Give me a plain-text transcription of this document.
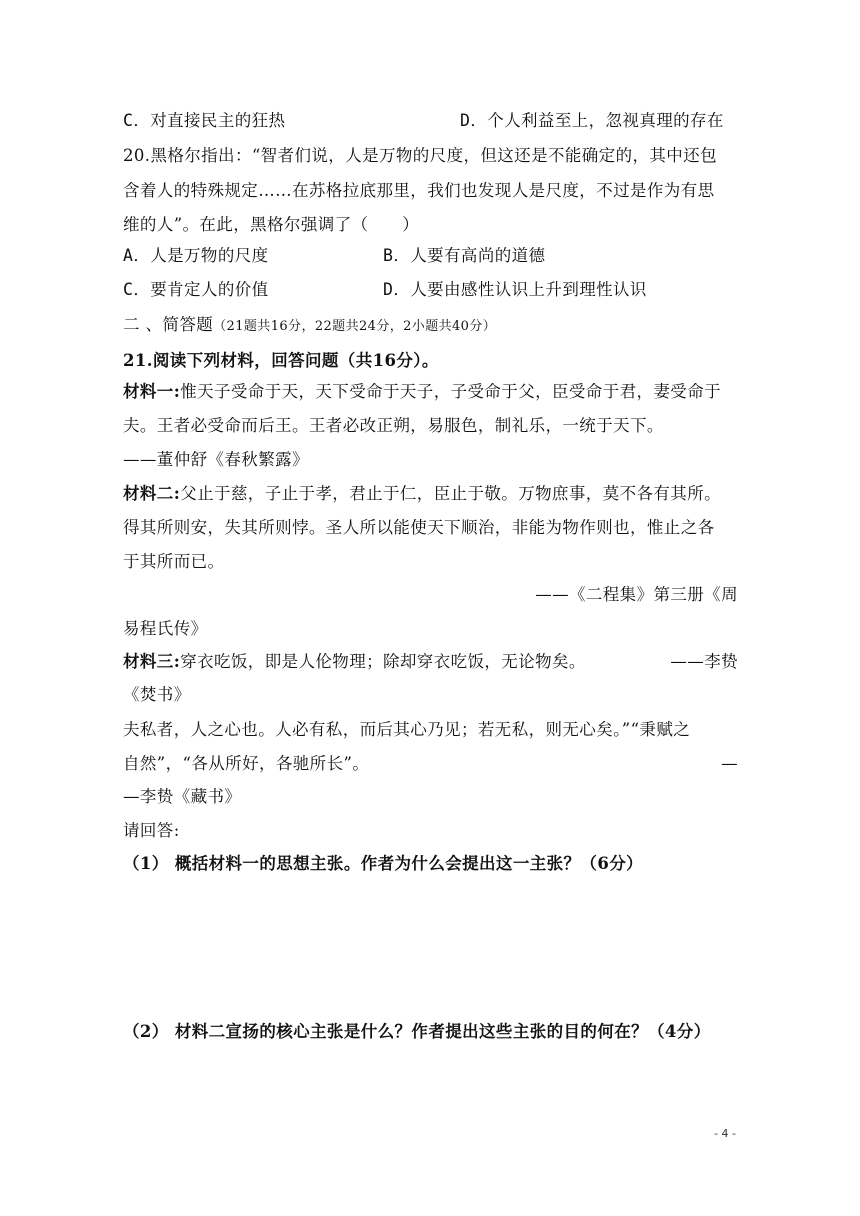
C．对直接民主的狂热	D．个人利益至上，忽视真理的存在
20.黑格尔指出：“智者们说，人是万物的尺度，但这还是不能确定的，其中还包
含着人的特殊规定……在苏格拉底那里，我们也发现人是尺度，不过是作为有思
维的人”。在此，黑格尔强调了（　　）
A．人是万物的尺度	B．人要有高尚的道德
C．要肯定人的价值	D．人要由感性认识上升到理性认识
二 、简答题（21题共16分，22题共24分，2小题共40分）
21.阅读下列材料，回答问题（共16分）。
材料一:惟天子受命于天，天下受命于天子，子受命于父，臣受命于君，妻受命于
夫。王者必受命而后王。王者必改正朔，易服色，制礼乐，一统于天下。
——董仲舒《春秋繁露》
材料二:父止于慈，子止于孝，君止于仁，臣止于敬。万物庶事，莫不各有其所。
得其所则安，失其所则悖。圣人所以能使天下顺治，非能为物作则也，惟止之各
于其所而已。
——《二程集》第三册《周
易程氏传》
材料三:穿衣吃饭，即是人伦物理；除却穿衣吃饭，无论物矣。	——李贽
《焚书》
夫私者，人之心也。人必有私，而后其心乃见；若无私，则无心矣。”“秉赋之
自然”，“各从所好，各驰所长”。	—
—李贽《藏书》
请回答:
（1） 概括材料一的思想主张。作者为什么会提出这一主张？（6分）
（2） 材料二宣扬的核心主张是什么？作者提出这些主张的目的何在？（4分）
- 4 -
